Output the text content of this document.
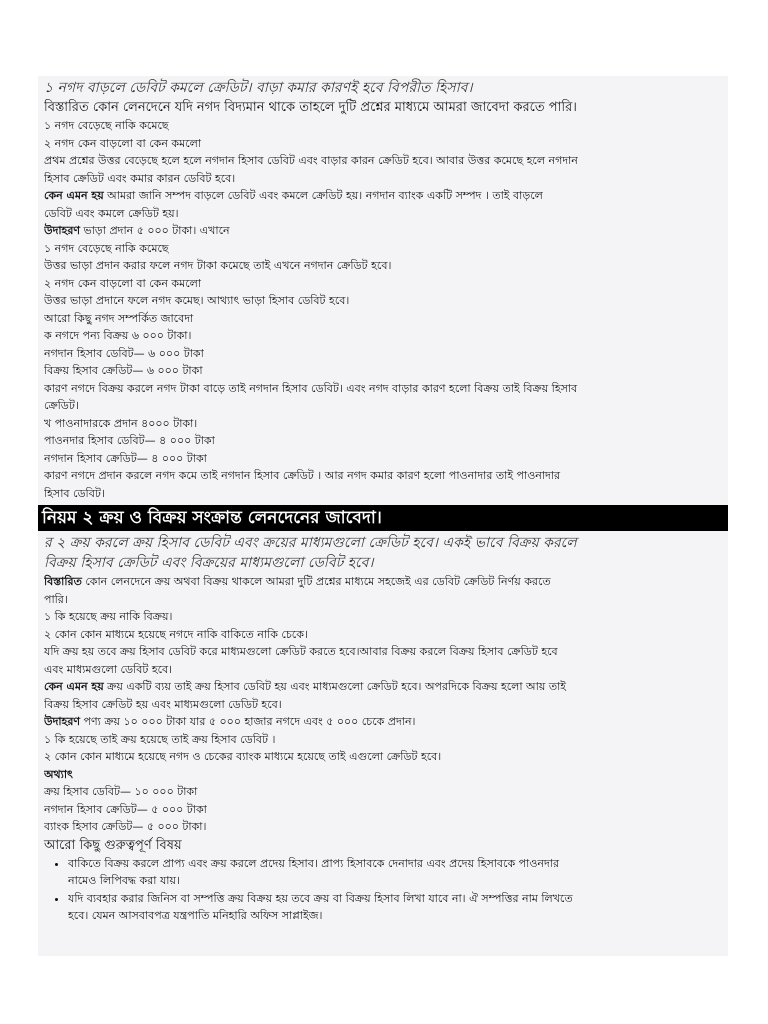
১ নগদ বাড়লে ডেবিট কমলে ক্রেডিট। বাড়া কমার কারণই হবে বিপরীত হিসাব।
বিস্তারিত কোন লেনদেনে যদি নগদ বিদ্যমান থাকে তাহলে দুটি প্রশ্নের মাধ্যমে আমরা জাবেদা করতে পারি।
১ নগদ বেড়েছে নাকি কমেছে
২ নগদ কেন বাড়লো বা কেন কমলো
প্রথম প্রশ্নের উত্তর বেড়েছে হলে হলে নগদান হিসাব ডেবিট এবং বাড়ার কারন ক্রেডিট হবে। আবার উত্তর কমেছে হলে নগদান
হিসাব ক্রেডিট এবং কমার কারন ডেবিট হবে।
কেন এমন হয় আমরা জানি সম্পদ বাড়লে ডেবিট এবং কমলে ক্রেডিট হয়। নগদান ব্যাংক একটি সম্পদ । তাই বাড়লে
ডেবিট এবং কমলে ক্রেডিট হয়।
উদাহরণ ভাড়া প্রদান ৫ ০০০ টাকা। এখানে
১ নগদ বেড়েছে নাকি কমেছে
উত্তর ভাড়া প্রদান করার ফলে নগদ টাকা কমেছে তাই এখনে নগদান ক্রেডিট হবে।
২ নগদ কেন বাড়লো বা কেন কমলো
উত্তর ভাড়া প্রদানে ফলে নগদ কমেছ। আথ্যাৎ ভাড়া হিসাব ডেবিট হবে।
আরো কিছু নগদ সম্পর্কিত জাবেদা
ক নগদে পন্য বিক্রয় ৬ ০০০ টাকা।
নগদান হিসাব ডেবিট— ৬ ০০০ টাকা
বিক্রয় হিসাব ক্রেডিট— ৬ ০০০ টাকা
কারণ নগদে বিক্রয় করলে নগদ টাকা বাড়ে তাই নগদান হিসাব ডেবিট। এবং নগদ বাড়ার কারণ হলো বিক্রয় তাই বিক্রয় হিসাব
ক্রেডিট।
খ পাওনাদারকে প্রদান ৪০০০ টাকা।
পাওনদার হিসাব ডেবিট— ৪ ০০০ টাকা
নগদান হিসাব ক্রেডিট— ৪ ০০০ টাকা
কারণ নগদে প্রদান করলে নগদ কমে তাই নগদান হিসাব ক্রেডিট । আর নগদ কমার কারণ হলো পাওনাদার তাই পাওনাদার
হিসাব ডেবিট।
নিয়ম ২ ক্রয় ও বিক্রয় সংক্রান্ত লেনদেনের জাবেদা।
র ২ ক্রয় করলে ক্রয় হিসাব ডেবিট এবং ক্রয়ের মাধ্যমগুলো ক্রেডিট হবে। একই ভাবে বিক্রয় করলে
বিক্রয় হিসাব ক্রেডিট এবং বিক্রয়ের মাধ্যমগুলো ডেবিট হবে।
বিস্তারিত কোন লেনদেনে ক্রয় অথবা বিক্রয় থাকলে আমরা দুটি প্রশ্নের মাধ্যমে সহজেই এর ডেবিট ক্রেডিট নির্ণয় করতে
পারি।
১ কি হয়েছে ক্রয় নাকি বিক্রয়।
২ কোন কোন মাধ্যমে হয়েছে নগদে নাকি বাকিতে নাকি চেকে।
যদি ক্রয় হয় তবে ক্রয় হিসাব ডেবিট করে মাধ্যমগুলো ক্রেডিট করতে হবে।আবার বিক্রয় করলে বিক্রয় হিসাব ক্রেডিট হবে
এবং মাধ্যমগুলো ডেবিট হবে।
কেন এমন হয় ক্রয় একটি ব্যয় তাই ক্রয় হিসাব ডেবিট হয় এবং মাধ্যমগুলো ক্রেডিট হবে। অপরদিকে বিক্রয় হলো আয় তাই
বিক্রয় হিসাব ক্রেডিট হয় এবং মাধ্যমগুলো ডেডিট হবে।
উদাহরণ পণ্য ক্রয় ১০ ০০০ টাকা যার ৫ ০০০ হাজার নগদে এবং ৫ ০০০ চেকে প্রদান।
১ কি হয়েছে তাই ক্রয় হয়েছে তাই ক্রয় হিসাব ডেবিট ।
২ কোন কোন মাধ্যমে হয়েছে নগদ ও চেকের ব্যাংক মাধ্যমে হয়েছে তাই এগুলো ক্রেডিট হবে।
অথ্যাৎ
ক্রয় হিসাব ডেবিট— ১০ ০০০ টাকা
নগদান হিসাব ক্রেডিট— ৫ ০০০ টাকা
ব্যাংক হিসাব ক্রেডিট— ৫ ০০০ টাকা।
আরো কিছু গুরুত্বপূর্ণ বিষয়
• বাকিতে বিক্রয় করলে প্রাপ্য এবং ক্রয় করলে প্রদেয় হিসাব। প্রাপ্য হিসাবকে দেনাদার এবং প্রদেয় হিসাবকে পাওনদার
নামেও লিপিবদ্ধ করা যায়।
• যদি ব্যবহার করার জিনিস বা সম্পত্তি ক্রয় বিক্রয় হয় তবে ক্রয় বা বিক্রয় হিসাব লিখা যাবে না। ঐ সম্পত্তির নাম লিখতে
হবে। যেমন আসবাবপত্র যন্ত্রপাতি মনিহারি অফিস সাপ্লাইজ।
